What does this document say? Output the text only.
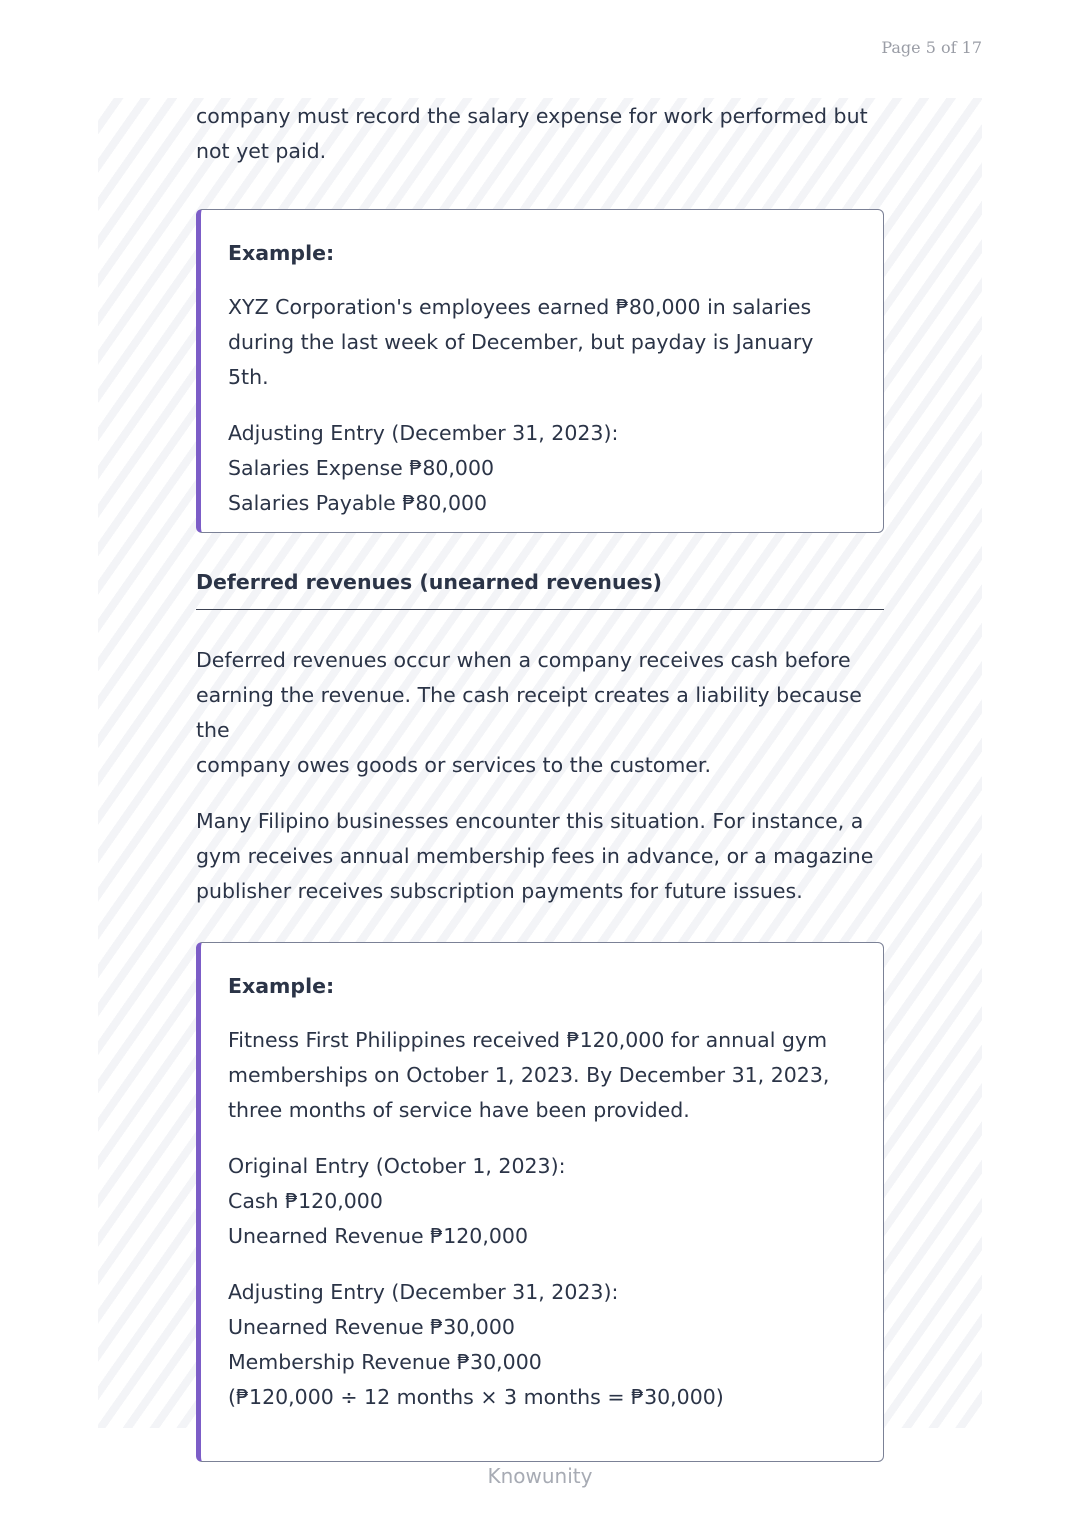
Page 5 of 17

company must record the salary expense for work performed but

not yet paid.

Example:

XYZ Corporation's employees earned ₱80,000 in salaries

during the last week of December, but payday is January 5th.

Adjusting Entry (December 31, 2023):

Salaries Expense ₱80,000

Salaries Payable ₱80,000

Deferred revenues (unearned revenues)

Deferred revenues occur when a company receives cash before

earning the revenue. The cash receipt creates a liability because the

company owes goods or services to the customer.

Many Filipino businesses encounter this situation. For instance, a

gym receives annual membership fees in advance, or a magazine

publisher receives subscription payments for future issues.

Example:

Fitness First Philippines received ₱120,000 for annual gym

memberships on October 1, 2023. By December 31, 2023,

three months of service have been provided.

Original Entry (October 1, 2023):

Cash ₱120,000

Unearned Revenue ₱120,000

Adjusting Entry (December 31, 2023):

Unearned Revenue ₱30,000

Membership Revenue ₱30,000

(₱120,000 ÷ 12 months × 3 months = ₱30,000)

Knowunity
